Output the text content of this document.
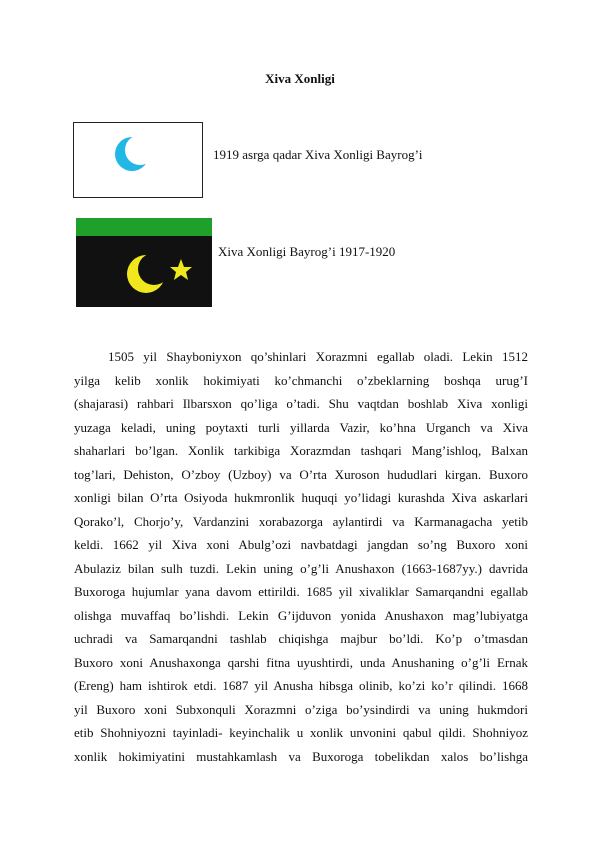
Xiva Xonligi
1919 asrga qadar Xiva Xonligi Bayrog’i
Xiva Xonligi Bayrog’i 1917-1920
1505 yil Shayboniyxon qo’shinlari Xorazmni egallab oladi. Lekin 1512
yilga kelib xonlik hokimiyati ko’chmanchi o’zbeklarning boshqa urug’I
(shajarasi) rahbari Ilbarsxon qo’liga o’tadi. Shu vaqtdan boshlab Xiva xonligi
yuzaga keladi, uning poytaxti turli yillarda Vazir, ko’hna Urganch va Xiva
shaharlari bo’lgan. Xonlik tarkibiga Xorazmdan tashqari Mang’ishloq, Balxan
tog’lari, Dehiston, O’zboy (Uzboy) va O’rta Xuroson hududlari kirgan. Buxoro
xonligi bilan O’rta Osiyoda hukmronlik huquqi yo’lidagi kurashda Xiva askarlari
Qorako’l, Chorjo’y, Vardanzini xorabazorga aylantirdi va Karmanagacha yetib
keldi. 1662 yil Xiva xoni Abulg’ozi navbatdagi jangdan so’ng Buxoro xoni
Abulaziz bilan sulh tuzdi. Lekin uning o’g’li Anushaxon (1663-1687yy.) davrida
Buxoroga hujumlar yana davom ettirildi. 1685 yil xivaliklar Samarqandni egallab
olishga muvaffaq bo’lishdi. Lekin G’ijduvon yonida Anushaxon mag’lubiyatga
uchradi va Samarqandni tashlab chiqishga majbur bo’ldi. Ko’p o’tmasdan
Buxoro xoni Anushaxonga qarshi fitna uyushtirdi, unda Anushaning o’g’li Ernak
(Ereng) ham ishtirok etdi. 1687 yil Anusha hibsga olinib, ko’zi ko’r qilindi. 1668
yil Buxoro xoni Subxonquli Xorazmni o’ziga bo’ysindirdi va uning hukmdori
etib Shohniyozni tayinladi- keyinchalik u xonlik unvonini qabul qildi. Shohniyoz
xonlik hokimiyatini mustahkamlash va Buxoroga tobelikdan xalos bo’lishga
